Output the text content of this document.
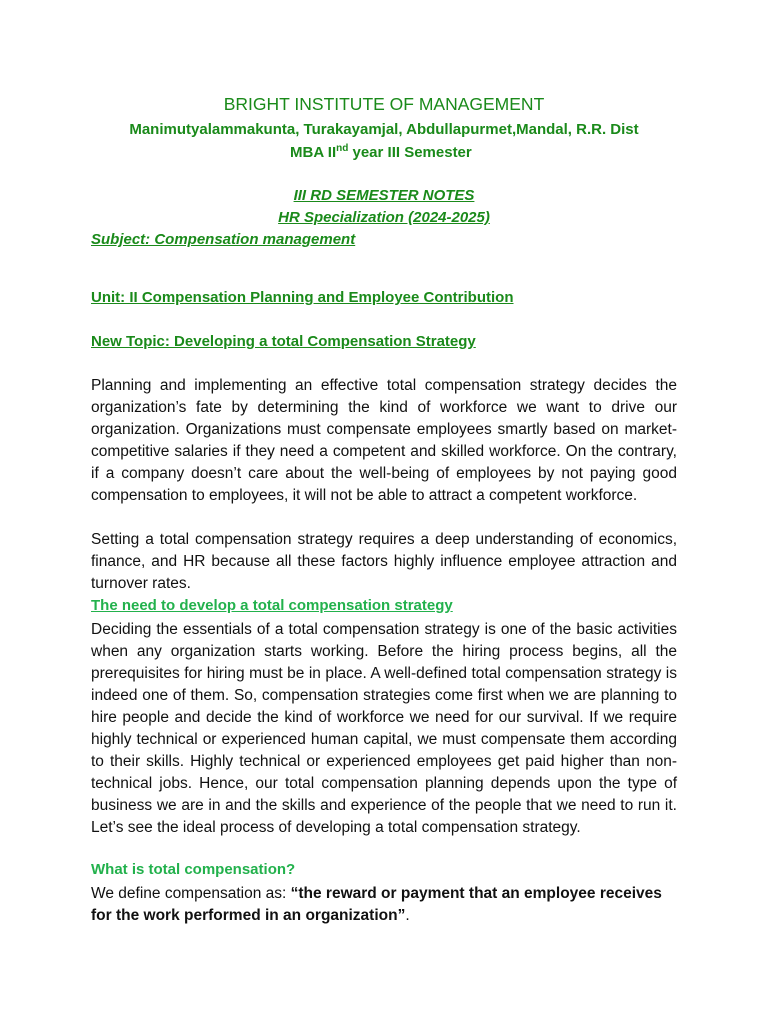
BRIGHT INSTITUTE OF MANAGEMENT
Manimutyalammakunta, Turakayamjal, Abdullapurmet,Mandal, R.R. Dist
MBA IInd year III Semester
III RD SEMESTER NOTES
HR Specialization (2024-2025)
Subject: Compensation management
Unit: II Compensation Planning and Employee Contribution
New Topic: Developing a total Compensation Strategy
Planning and implementing an effective total compensation strategy decides the organization’s fate by determining the kind of workforce we want to drive our organization. Organizations must compensate employees smartly based on market-competitive salaries if they need a competent and skilled workforce. On the contrary, if a company doesn’t care about the well-being of employees by not paying good compensation to employees, it will not be able to attract a competent workforce.
Setting a total compensation strategy requires a deep understanding of economics, finance, and HR because all these factors highly influence employee attraction and turnover rates.
The need to develop a total compensation strategy
Deciding the essentials of a total compensation strategy is one of the basic activities when any organization starts working. Before the hiring process begins, all the prerequisites for hiring must be in place. A well-defined total compensation strategy is indeed one of them. So, compensation strategies come first when we are planning to hire people and decide the kind of workforce we need for our survival. If we require highly technical or experienced human capital, we must compensate them according to their skills. Highly technical or experienced employees get paid higher than non-technical jobs. Hence, our total compensation planning depends upon the type of business we are in and the skills and experience of the people that we need to run it. Let’s see the ideal process of developing a total compensation strategy.
What is total compensation?
We define compensation as: “the reward or payment that an employee receives for the work performed in an organization”.
